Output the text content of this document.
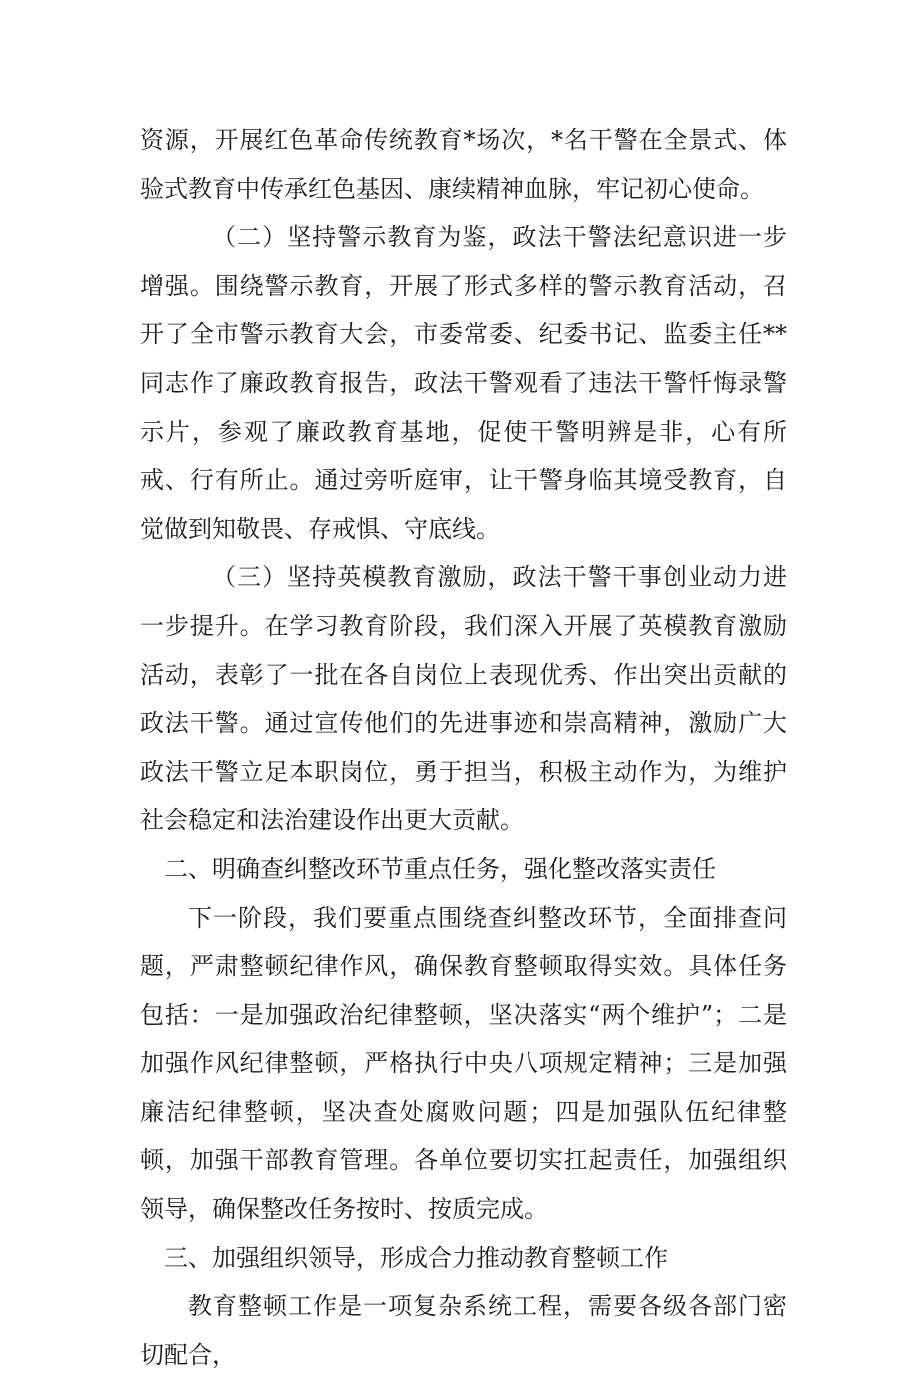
资源，开展红色革命传统教育*场次，*名干警在全景式、体验式教育中传承红色基因、康续精神血脉，牢记初心使命。

（二）坚持警示教育为鉴，政法干警法纪意识进一步增强。围绕警示教育，开展了形式多样的警示教育活动，召开了全市警示教育大会，市委常委、纪委书记、监委主任**同志作了廉政教育报告，政法干警观看了违法干警忏悔录警示片，参观了廉政教育基地，促使干警明辨是非，心有所戒、行有所止。通过旁听庭审，让干警身临其境受教育，自觉做到知敬畏、存戒惧、守底线。

（三）坚持英模教育激励，政法干警干事创业动力进一步提升。在学习教育阶段，我们深入开展了英模教育激励活动，表彰了一批在各自岗位上表现优秀、作出突出贡献的政法干警。通过宣传他们的先进事迹和崇高精神，激励广大政法干警立足本职岗位，勇于担当，积极主动作为，为维护社会稳定和法治建设作出更大贡献。

二、明确查纠整改环节重点任务，强化整改落实责任

下一阶段，我们要重点围绕查纠整改环节，全面排查问题，严肃整顿纪律作风，确保教育整顿取得实效。具体任务包括：一是加强政治纪律整顿，坚决落实“两个维护”；二是加强作风纪律整顿，严格执行中央八项规定精神；三是加强廉洁纪律整顿，坚决查处腐败问题；四是加强队伍纪律整顿，加强干部教育管理。各单位要切实扛起责任，加强组织领导，确保整改任务按时、按质完成。

三、加强组织领导，形成合力推动教育整顿工作

教育整顿工作是一项复杂系统工程，需要各级各部门密切配合，
